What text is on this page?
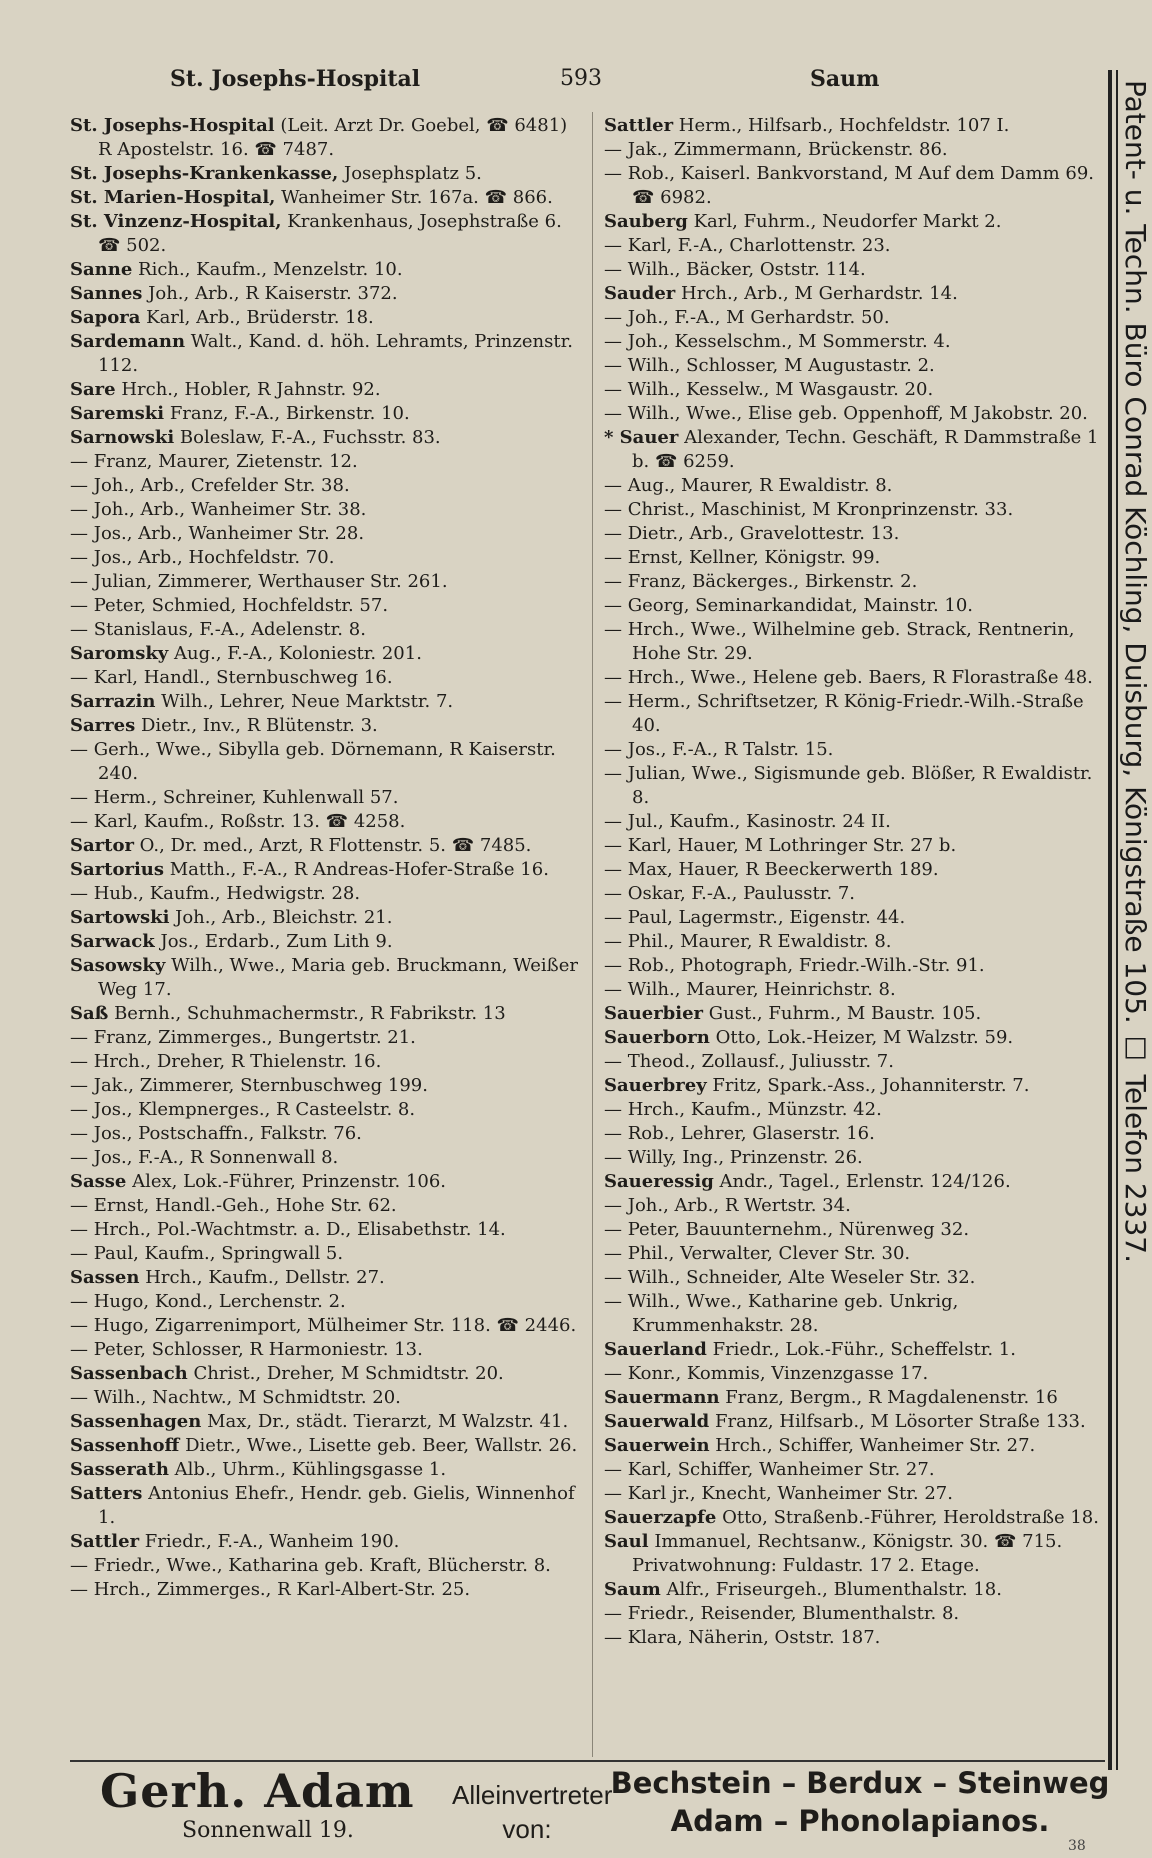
St. Josephs-Hospital	593	Saum
St. Josephs-Hospital (Leit. Arzt Dr. Goebel, ☎ 6481) R Apostelstr. 16. ☎ 7487.
St. Josephs-Krankenkasse, Josephsplatz 5.
St. Marien-Hospital, Wanheimer Str. 167a. ☎ 866.
St. Vinzenz-Hospital, Krankenhaus, Josephstraße 6. ☎ 502.
Sanne Rich., Kaufm., Menzelstr. 10.
Sannes Joh., Arb., R Kaiserstr. 372.
Sapora Karl, Arb., Brüderstr. 18.
Sardemann Walt., Kand. d. höh. Lehramts, Prinzenstr. 112.
Sare Hrch., Hobler, R Jahnstr. 92.
Saremski Franz, F.-A., Birkenstr. 10.
Sarnowski Boleslaw, F.-A., Fuchsstr. 83.
— Franz, Maurer, Zietenstr. 12.
— Joh., Arb., Crefelder Str. 38.
— Joh., Arb., Wanheimer Str. 38.
— Jos., Arb., Wanheimer Str. 28.
— Jos., Arb., Hochfeldstr. 70.
— Julian, Zimmerer, Werthauser Str. 261.
— Peter, Schmied, Hochfeldstr. 57.
— Stanislaus, F.-A., Adelenstr. 8.
Saromsky Aug., F.-A., Koloniestr. 201.
— Karl, Handl., Sternbuschweg 16.
Sarrazin Wilh., Lehrer, Neue Marktstr. 7.
Sarres Dietr., Inv., R Blütenstr. 3.
— Gerh., Wwe., Sibylla geb. Dörnemann, R Kaiserstr. 240.
— Herm., Schreiner, Kuhlenwall 57.
— Karl, Kaufm., Roßstr. 13. ☎ 4258.
Sartor O., Dr. med., Arzt, R Flottenstr. 5. ☎ 7485.
Sartorius Matth., F.-A., R Andreas-Hofer-Straße 16.
— Hub., Kaufm., Hedwigstr. 28.
Sartowski Joh., Arb., Bleichstr. 21.
Sarwack Jos., Erdarb., Zum Lith 9.
Sasowsky Wilh., Wwe., Maria geb. Bruckmann, Weißer Weg 17.
Saß Bernh., Schuhmachermstr., R Fabrikstr. 13
— Franz, Zimmerges., Bungertstr. 21.
— Hrch., Dreher, R Thielenstr. 16.
— Jak., Zimmerer, Sternbuschweg 199.
— Jos., Klempnerges., R Casteelstr. 8.
— Jos., Postschaffn., Falkstr. 76.
— Jos., F.-A., R Sonnenwall 8.
Sasse Alex, Lok.-Führer, Prinzenstr. 106.
— Ernst, Handl.-Geh., Hohe Str. 62.
— Hrch., Pol.-Wachtmstr. a. D., Elisabethstr. 14.
— Paul, Kaufm., Springwall 5.
Sassen Hrch., Kaufm., Dellstr. 27.
— Hugo, Kond., Lerchenstr. 2.
— Hugo, Zigarrenimport, Mülheimer Str. 118. ☎ 2446.
— Peter, Schlosser, R Harmoniestr. 13.
Sassenbach Christ., Dreher, M Schmidtstr. 20.
— Wilh., Nachtw., M Schmidtstr. 20.
Sassenhagen Max, Dr., städt. Tierarzt, M Walzstr. 41.
Sassenhoff Dietr., Wwe., Lisette geb. Beer, Wallstr. 26.
Sasserath Alb., Uhrm., Kühlingsgasse 1.
Satters Antonius Ehefr., Hendr. geb. Gielis, Winnenhof 1.
Sattler Friedr., F.-A., Wanheim 190.
— Friedr., Wwe., Katharina geb. Kraft, Blücherstr. 8.
— Hrch., Zimmerges., R Karl-Albert-Str. 25.
Sattler Herm., Hilfsarb., Hochfeldstr. 107 I.
— Jak., Zimmermann, Brückenstr. 86.
— Rob., Kaiserl. Bankvorstand, M Auf dem Damm 69. ☎ 6982.
Sauberg Karl, Fuhrm., Neudorfer Markt 2.
— Karl, F.-A., Charlottenstr. 23.
— Wilh., Bäcker, Oststr. 114.
Sauder Hrch., Arb., M Gerhardstr. 14.
— Joh., F.-A., M Gerhardstr. 50.
— Joh., Kesselschm., M Sommerstr. 4.
— Wilh., Schlosser, M Augustastr. 2.
— Wilh., Kesselw., M Wasgaustr. 20.
— Wilh., Wwe., Elise geb. Oppenhoff, M Jakobstr. 20.
* Sauer Alexander, Techn. Geschäft, R Dammstraße 1 b. ☎ 6259.
— Aug., Maurer, R Ewaldistr. 8.
— Christ., Maschinist, M Kronprinzenstr. 33.
— Dietr., Arb., Gravelottestr. 13.
— Ernst, Kellner, Königstr. 99.
— Franz, Bäckerges., Birkenstr. 2.
— Georg, Seminarkandidat, Mainstr. 10.
— Hrch., Wwe., Wilhelmine geb. Strack, Rentnerin, Hohe Str. 29.
— Hrch., Wwe., Helene geb. Baers, R Florastraße 48.
— Herm., Schriftsetzer, R König-Friedr.-Wilh.-Straße 40.
— Jos., F.-A., R Talstr. 15.
— Julian, Wwe., Sigismunde geb. Blößer, R Ewaldistr. 8.
— Jul., Kaufm., Kasinostr. 24 II.
— Karl, Hauer, M Lothringer Str. 27 b.
— Max, Hauer, R Beeckerwerth 189.
— Oskar, F.-A., Paulusstr. 7.
— Paul, Lagermstr., Eigenstr. 44.
— Phil., Maurer, R Ewaldistr. 8.
— Rob., Photograph, Friedr.-Wilh.-Str. 91.
— Wilh., Maurer, Heinrichstr. 8.
Sauerbier Gust., Fuhrm., M Baustr. 105.
Sauerborn Otto, Lok.-Heizer, M Walzstr. 59.
— Theod., Zollausf., Juliusstr. 7.
Sauerbrey Fritz, Spark.-Ass., Johanniterstr. 7.
— Hrch., Kaufm., Münzstr. 42.
— Rob., Lehrer, Glaserstr. 16.
— Willy, Ing., Prinzenstr. 26.
Saueressig Andr., Tagel., Erlenstr. 124/126.
— Joh., Arb., R Wertstr. 34.
— Peter, Bauunternehm., Nürenweg 32.
— Phil., Verwalter, Clever Str. 30.
— Wilh., Schneider, Alte Weseler Str. 32.
— Wilh., Wwe., Katharine geb. Unkrig, Krummenhakstr. 28.
Sauerland Friedr., Lok.-Führ., Scheffelstr. 1.
— Konr., Kommis, Vinzenzgasse 17.
Sauermann Franz, Bergm., R Magdalenenstr. 16
Sauerwald Franz, Hilfsarb., M Lösorter Straße 133.
Sauerwein Hrch., Schiffer, Wanheimer Str. 27.
— Karl, Schiffer, Wanheimer Str. 27.
— Karl jr., Knecht, Wanheimer Str. 27.
Sauerzapfe Otto, Straßenb.-Führer, Heroldstraße 18.
Saul Immanuel, Rechtsanw., Königstr. 30. ☎ 715. Privatwohnung: Fuldastr. 17 2. Etage.
Saum Alfr., Friseurgeh., Blumenthalstr. 18.
— Friedr., Reisender, Blumenthalstr. 8.
— Klara, Näherin, Oststr. 187.
Patent- u. Techn. Büro Conrad Köchling, Duisburg, Königstraße 105. ☐ Telefon 2337.
Gerh. Adam
Sonnenwall 19.
Alleinvertreter
von:
Bechstein – Berdux – Steinweg
Adam – Phonolapianos.
38
